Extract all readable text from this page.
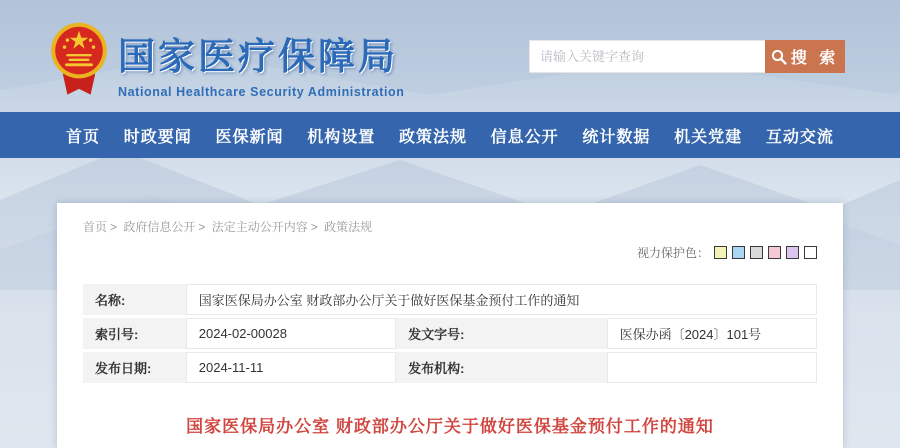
国家医疗保障局
National Healthcare Security Administration
请输入关键字查询
搜 索
首页 时政要闻 医保新闻 机构设置 政策法规 信息公开 统计数据 机关党建 互动交流
首页 > 政府信息公开 > 法定主动公开内容 > 政策法规
视力保护色：
名称:	国家医保局办公室 财政部办公厅关于做好医保基金预付工作的通知		
索引号:	2024-02-00028	发文字号:	医保办函〔2024〕101号
发布日期:	2024-11-11	发布机构:	
国家医保局办公室 财政部办公厅关于做好医保基金预付工作的通知
